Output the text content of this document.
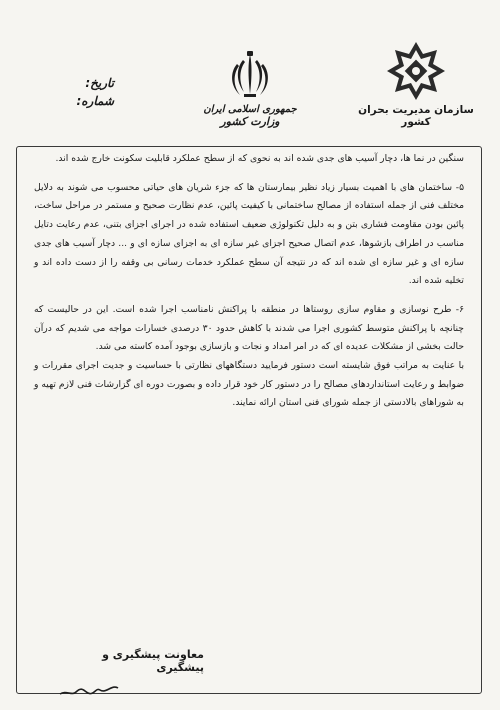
سازمان مدیریت بحران کشور
جمهوری اسلامی ایران
وزارت کشور
تاریخ:
شماره:

سنگین در نما ها، دچار آسیب های جدی شده اند به نحوی که از سطح عملکرد قابلیت سکونت خارج شده اند.

۵- ساختمان های با اهمیت بسیار زیاد نظیر بیمارستان ها که جزء شریان های حیاتی محسوب می شوند به دلایل مختلف فنی از جمله استفاده از مصالح ساختمانی با کیفیت پائین، عدم نظارت صحیح و مستمر در مراحل ساخت، پائین بودن مقاومت فشاری بتن و به دلیل تکنولوژی ضعیف استفاده شده در اجرای اجزای بتنی، عدم رعایت دتایل مناسب در اطراف بازشوها، عدم اتصال صحیح اجزای غیر سازه ای به اجزای سازه ای و ... دچار آسیب های جدی سازه ای و غیر سازه ای شده اند که در نتیجه آن سطح عملکرد خدمات رسانی بی وقفه را از دست داده اند و تخلیه شده اند.

۶- طرح نوسازی و مقاوم سازی روستاها در منطقه با پراکنش نامناسب اجرا شده است. این در حالیست که چنانچه با پراکنش متوسط کشوری اجرا می شدند با کاهش حدود ۳۰ درصدی خسارات مواجه می شدیم که درآن حالت بخشی از مشکلات عدیده ای که در امر امداد و نجات و بازسازی بوجود آمده کاسته می شد.

با عنایت به مراتب فوق شایسته است دستور فرمایید دستگاههای نظارتی با حساسیت و جدیت اجرای مقررات و ضوابط و رعایت استانداردهای مصالح را در دستور کار خود قرار داده و بصورت دوره ای گزارشات فنی لازم تهیه و به شوراهای بالادستی از جمله شورای فنی استان ارائه نمایند.

معاونت پیشگیری و پیشگیری
